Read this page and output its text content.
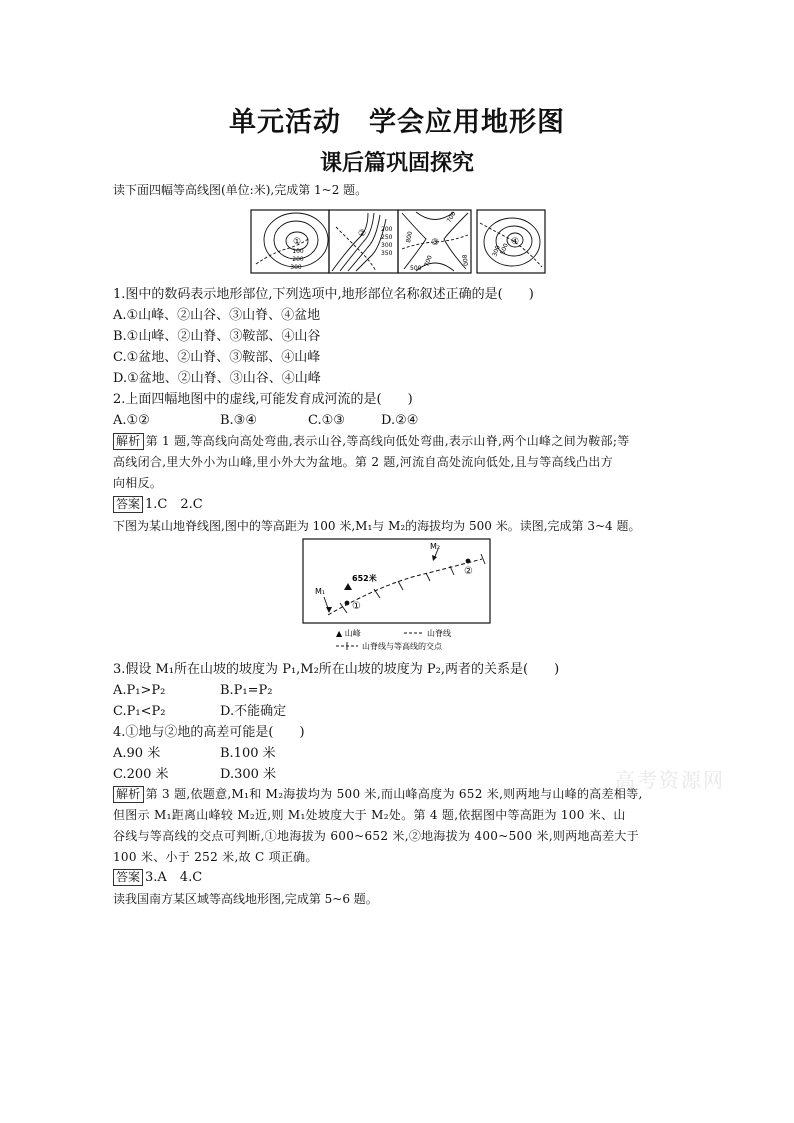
单元活动　学会应用地形图
课后篇巩固探究
读下面四幅等高线图(单位:米),完成第 1~2 题。
①
100
200
300
② 200
250
300
350
③
700
800
800
700
500
④
300
500
1.图中的数码表示地形部位,下列选项中,地形部位名称叙述正确的是(　　)
A.①山峰、②山谷、③山脊、④盆地
B.①山峰、②山脊、③鞍部、④山谷
C.①盆地、②山脊、③鞍部、④山峰
D.①盆地、②山脊、③山谷、④山峰
2.上面四幅地图中的虚线,可能发育成河流的是(　　)
A.①②	B.③④	C.①③	D.②④
解析 第 1 题,等高线向高处弯曲,表示山谷,等高线向低处弯曲,表示山脊,两个山峰之间为鞍部;等
高线闭合,里大外小为山峰,里小外大为盆地。第 2 题,河流自高处流向低处,且与等高线凸出方
向相反。
答案 1.C　2.C
下图为某山地脊线图,图中的等高距为 100 米,M₁与 M₂的海拔均为 500 米。读图,完成第 3~4 题。
M₂
M₁
652米
①
②
▲ 山峰	山脊线
山脊线与等高线的交点
3.假设 M₁所在山坡的坡度为 P₁,M₂所在山坡的坡度为 P₂,两者的关系是(　　)
A.P₁>P₂	B.P₁=P₂
C.P₁<P₂	D.不能确定
4.①地与②地的高差可能是(　　)
A.90 米	B.100 米
C.200 米	D.300 米	高考资源网
解析 第 3 题,依题意,M₁和 M₂海拔均为 500 米,而山峰高度为 652 米,则两地与山峰的高差相等,
但图示 M₁距离山峰较 M₂近,则 M₁处坡度大于 M₂处。第 4 题,依据图中等高距为 100 米、山
谷线与等高线的交点可判断,①地海拔为 600~652 米,②地海拔为 400~500 米,则两地高差大于
100 米、小于 252 米,故 C 项正确。
答案 3.A　4.C
读我国南方某区域等高线地形图,完成第 5~6 题。
